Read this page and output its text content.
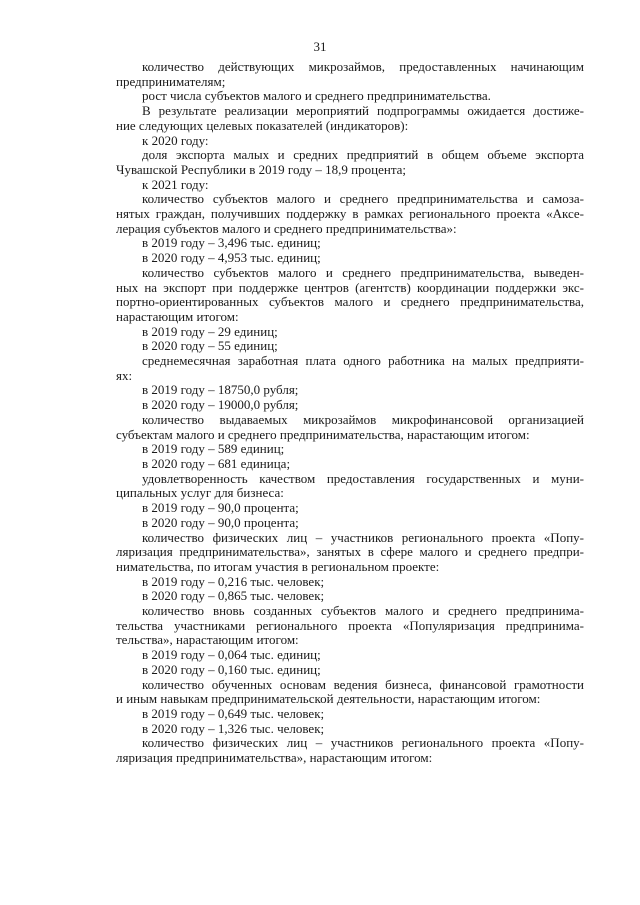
31
количество действующих микрозаймов, предоставленных начинающим
предпринимателям;
рост числа субъектов малого и среднего предпринимательства.
В результате реализации мероприятий подпрограммы ожидается достиже-
ние следующих целевых показателей (индикаторов):
к 2020 году:
доля экспорта малых и средних предприятий в общем объеме экспорта
Чувашской Республики в 2019 году – 18,9 процента;
к 2021 году:
количество субъектов малого и среднего предпринимательства и самоза-
нятых граждан, получивших поддержку в рамках регионального проекта «Аксе-
лерация субъектов малого и среднего предпринимательства»:
в 2019 году – 3,496 тыс. единиц;
в 2020 году – 4,953 тыс. единиц;
количество субъектов малого и среднего предпринимательства, выведен-
ных на экспорт при поддержке центров (агентств) координации поддержки экс-
портно-ориентированных субъектов малого и среднего предпринимательства,
нарастающим итогом:
в 2019 году – 29 единиц;
в 2020 году – 55 единиц;
среднемесячная заработная плата одного работника на малых предприяти-
ях:
в 2019 году – 18750,0 рубля;
в 2020 году – 19000,0 рубля;
количество выдаваемых микрозаймов микрофинансовой организацией
субъектам малого и среднего предпринимательства, нарастающим итогом:
в 2019 году – 589 единиц;
в 2020 году – 681 единица;
удовлетворенность качеством предоставления государственных и муни-
ципальных услуг для бизнеса:
в 2019 году – 90,0 процента;
в 2020 году – 90,0 процента;
количество физических лиц – участников регионального проекта «Попу-
ляризация предпринимательства», занятых в сфере малого и среднего предпри-
нимательства, по итогам участия в региональном проекте:
в 2019 году – 0,216 тыс. человек;
в 2020 году – 0,865 тыс. человек;
количество вновь созданных субъектов малого и среднего предпринима-
тельства участниками регионального проекта «Популяризация предпринима-
тельства», нарастающим итогом:
в 2019 году – 0,064 тыс. единиц;
в 2020 году – 0,160 тыс. единиц;
количество обученных основам ведения бизнеса, финансовой грамотности
и иным навыкам предпринимательской деятельности, нарастающим итогом:
в 2019 году – 0,649 тыс. человек;
в 2020 году – 1,326 тыс. человек;
количество физических лиц – участников регионального проекта «Попу-
ляризация предпринимательства», нарастающим итогом:
